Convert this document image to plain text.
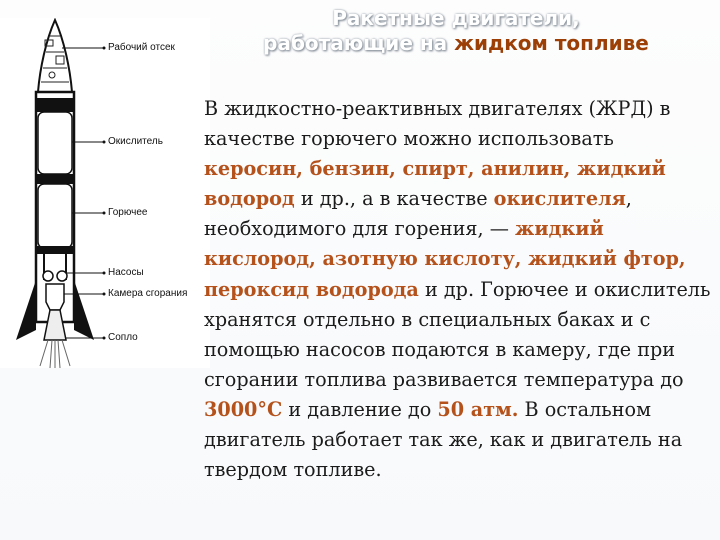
Рабочий отсек
Окислитель
Горючее
Насосы
Камера сгорания
Сопло
Ракетные двигатели,
работающие на жидком топливе

В жидкостно-реактивных двигателях (ЖРД) в качестве горючего можно использовать керосин, бензин, спирт, анилин, жидкий водород и др., а в качестве окислителя, необходимого для горения, — жидкий кислород, азотную кислоту, жидкий фтор, пероксид водорода и др. Горючее и окислитель хранятся отдельно в специальных баках и с помощью насосов подаются в камеру, где при сгорании топлива развивается температура до 3000°С и давление до 50 атм. В остальном двигатель работает так же, как и двигатель на твердом топливе.
